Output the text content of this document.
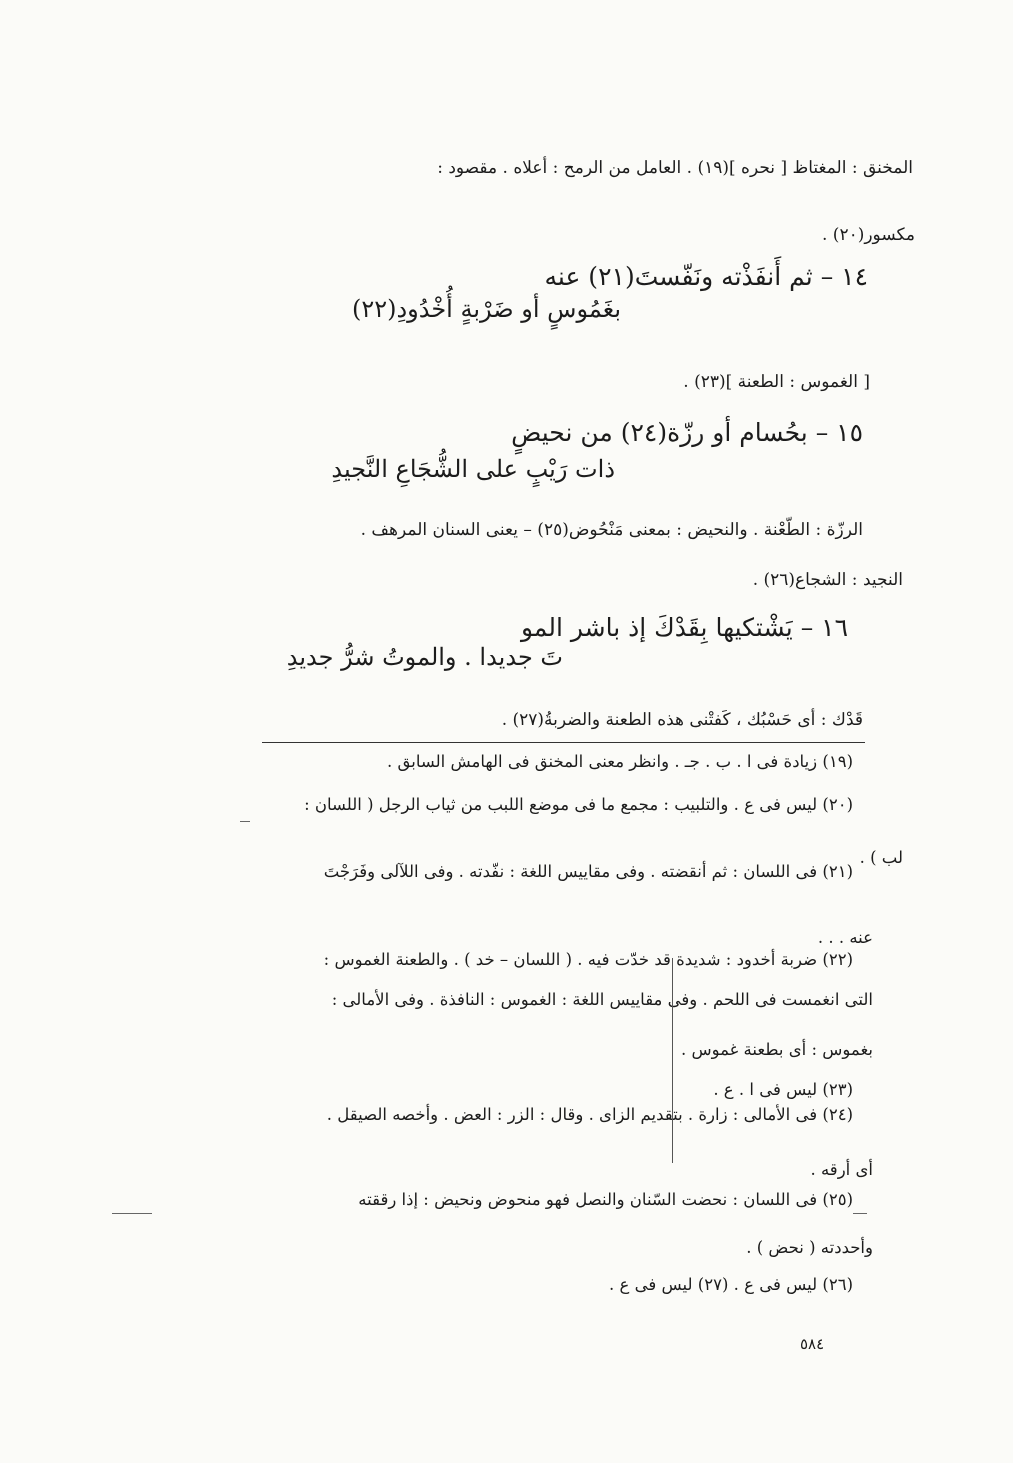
المخنق : المغتاظ [ نحره ](١٩) . العامل من الرمح : أعلاه . مقصود :
مكسور(٢٠) .
١٤ – ثم أَنفَذْته ونَفّستَ(٢١) عنه
بغَمُوسٍ أو ضَرْبةٍ أُخْدُودِ(٢٢)
[ الغموس : الطعنة ](٢٣) .
١٥ – بحُسام أو رزّة(٢٤) من نحيضٍ
ذات رَيْبٍ على الشُّجَاعِ النَّجيدِ
الرزّة : الطّعْنة . والنحيض : بمعنى مَنْحُوض(٢٥) – يعنى السنان المرهف .
النجيد : الشجاع(٢٦) .
١٦ – يَشْتكيها بِقَدْكَ إذ باشر المو
تَ جديدا . والموتُ شرُّ جديدِ
قَدْك : أى حَسْبُك ، كَفتْنى هذه الطعنة والضربةُ(٢٧) .
(١٩) زيادة فى ا . ب . جـ . وانظر معنى المخنق فى الهامش السابق .
(٢٠) ليس فى ع . والتلبيب : مجمع ما فى موضع اللبب من ثياب الرجل ( اللسان :
لب ) .
(٢١) فى اللسان : ثم أنقضته . وفى مقاييس اللغة : نفّدته . وفى اللآلى وفَرَجْتَ
عنه . . .
(٢٢) ضربة أخدود : شديدة قد خدّت فيه . ( اللسان – خد ) . والطعنة الغموس :
التى انغمست فى اللحم . وفى مقاييس اللغة : الغموس : النافذة . وفى الأمالى :
بغموس : أى بطعنة غموس .
(٢٣) ليس فى ا . ع .
(٢٤) فى الأمالى : زارة . بتقديم الزاى . وقال : الزر : العض . وأخصه الصيقل .
أى أرقه .
(٢٥) فى اللسان : نحضت السّنان والنصل فهو منحوض ونحيض : إذا رققته
وأحددته ( نحض ) .
(٢٦) ليس فى ع . (٢٧) ليس فى ع .
٥٨٤
